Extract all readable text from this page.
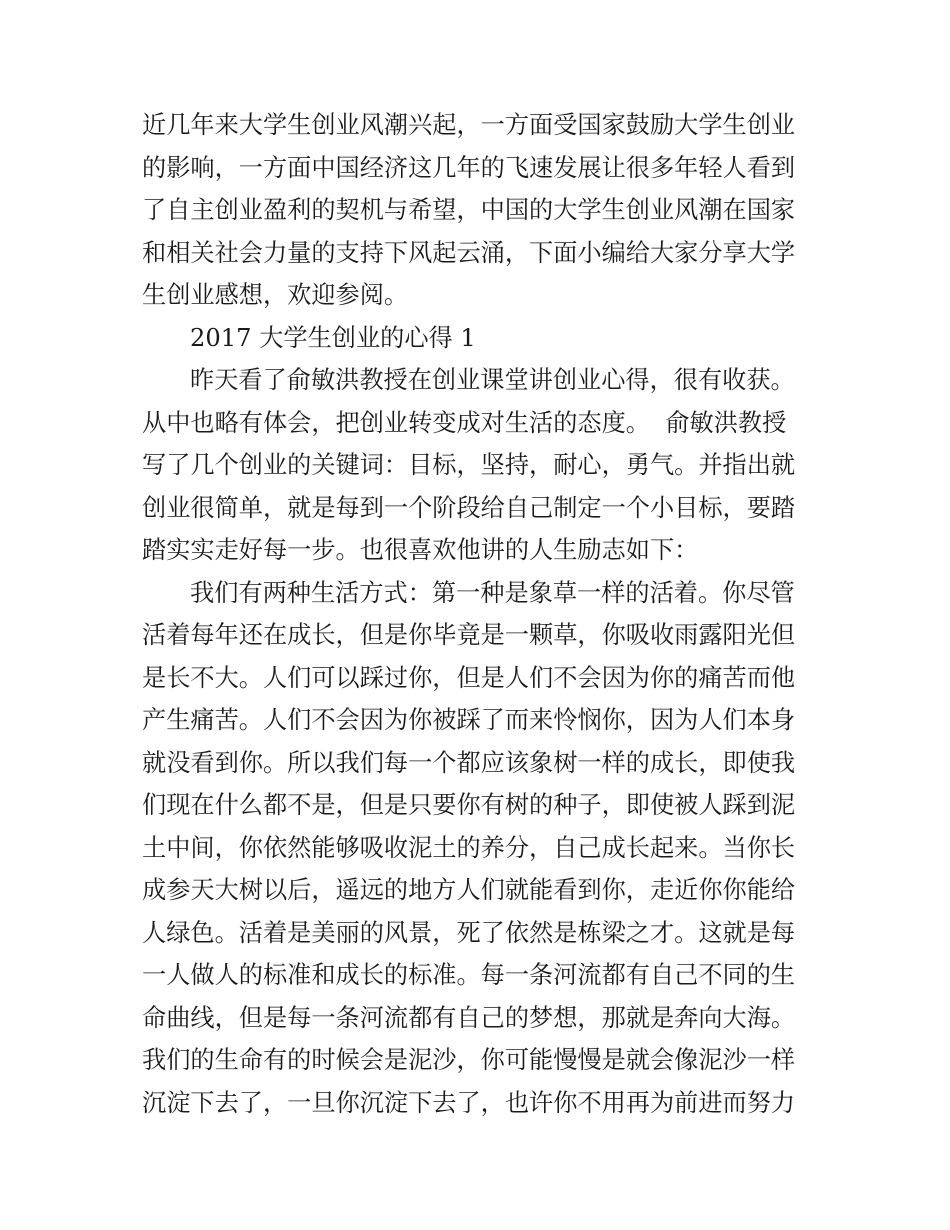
近几年来大学生创业风潮兴起，一方面受国家鼓励大学生创业
的影响，一方面中国经济这几年的飞速发展让很多年轻人看到
了自主创业盈利的契机与希望，中国的大学生创业风潮在国家
和相关社会力量的支持下风起云涌，下面小编给大家分享大学
生创业感想，欢迎参阅。
2017 大学生创业的心得 1
昨天看了俞敏洪教授在创业课堂讲创业心得，很有收获。
从中也略有体会，把创业转变成对生活的态度。  俞敏洪教授
写了几个创业的关键词：目标，坚持，耐心，勇气。并指出就
创业很简单，就是每到一个阶段给自己制定一个小目标，要踏
踏实实走好每一步。也很喜欢他讲的人生励志如下：
我们有两种生活方式：第一种是象草一样的活着。你尽管
活着每年还在成长，但是你毕竟是一颗草，你吸收雨露阳光但
是长不大。人们可以踩过你，但是人们不会因为你的痛苦而他
产生痛苦。人们不会因为你被踩了而来怜悯你，因为人们本身
就没看到你。所以我们每一个都应该象树一样的成长，即使我
们现在什么都不是，但是只要你有树的种子，即使被人踩到泥
土中间，你依然能够吸收泥土的养分，自己成长起来。当你长
成参天大树以后，遥远的地方人们就能看到你，走近你你能给
人绿色。活着是美丽的风景，死了依然是栋梁之才。这就是每
一人做人的标准和成长的标准。每一条河流都有自己不同的生
命曲线，但是每一条河流都有自己的梦想，那就是奔向大海。
我们的生命有的时候会是泥沙，你可能慢慢是就会像泥沙一样
沉淀下去了，一旦你沉淀下去了，也许你不用再为前进而努力
